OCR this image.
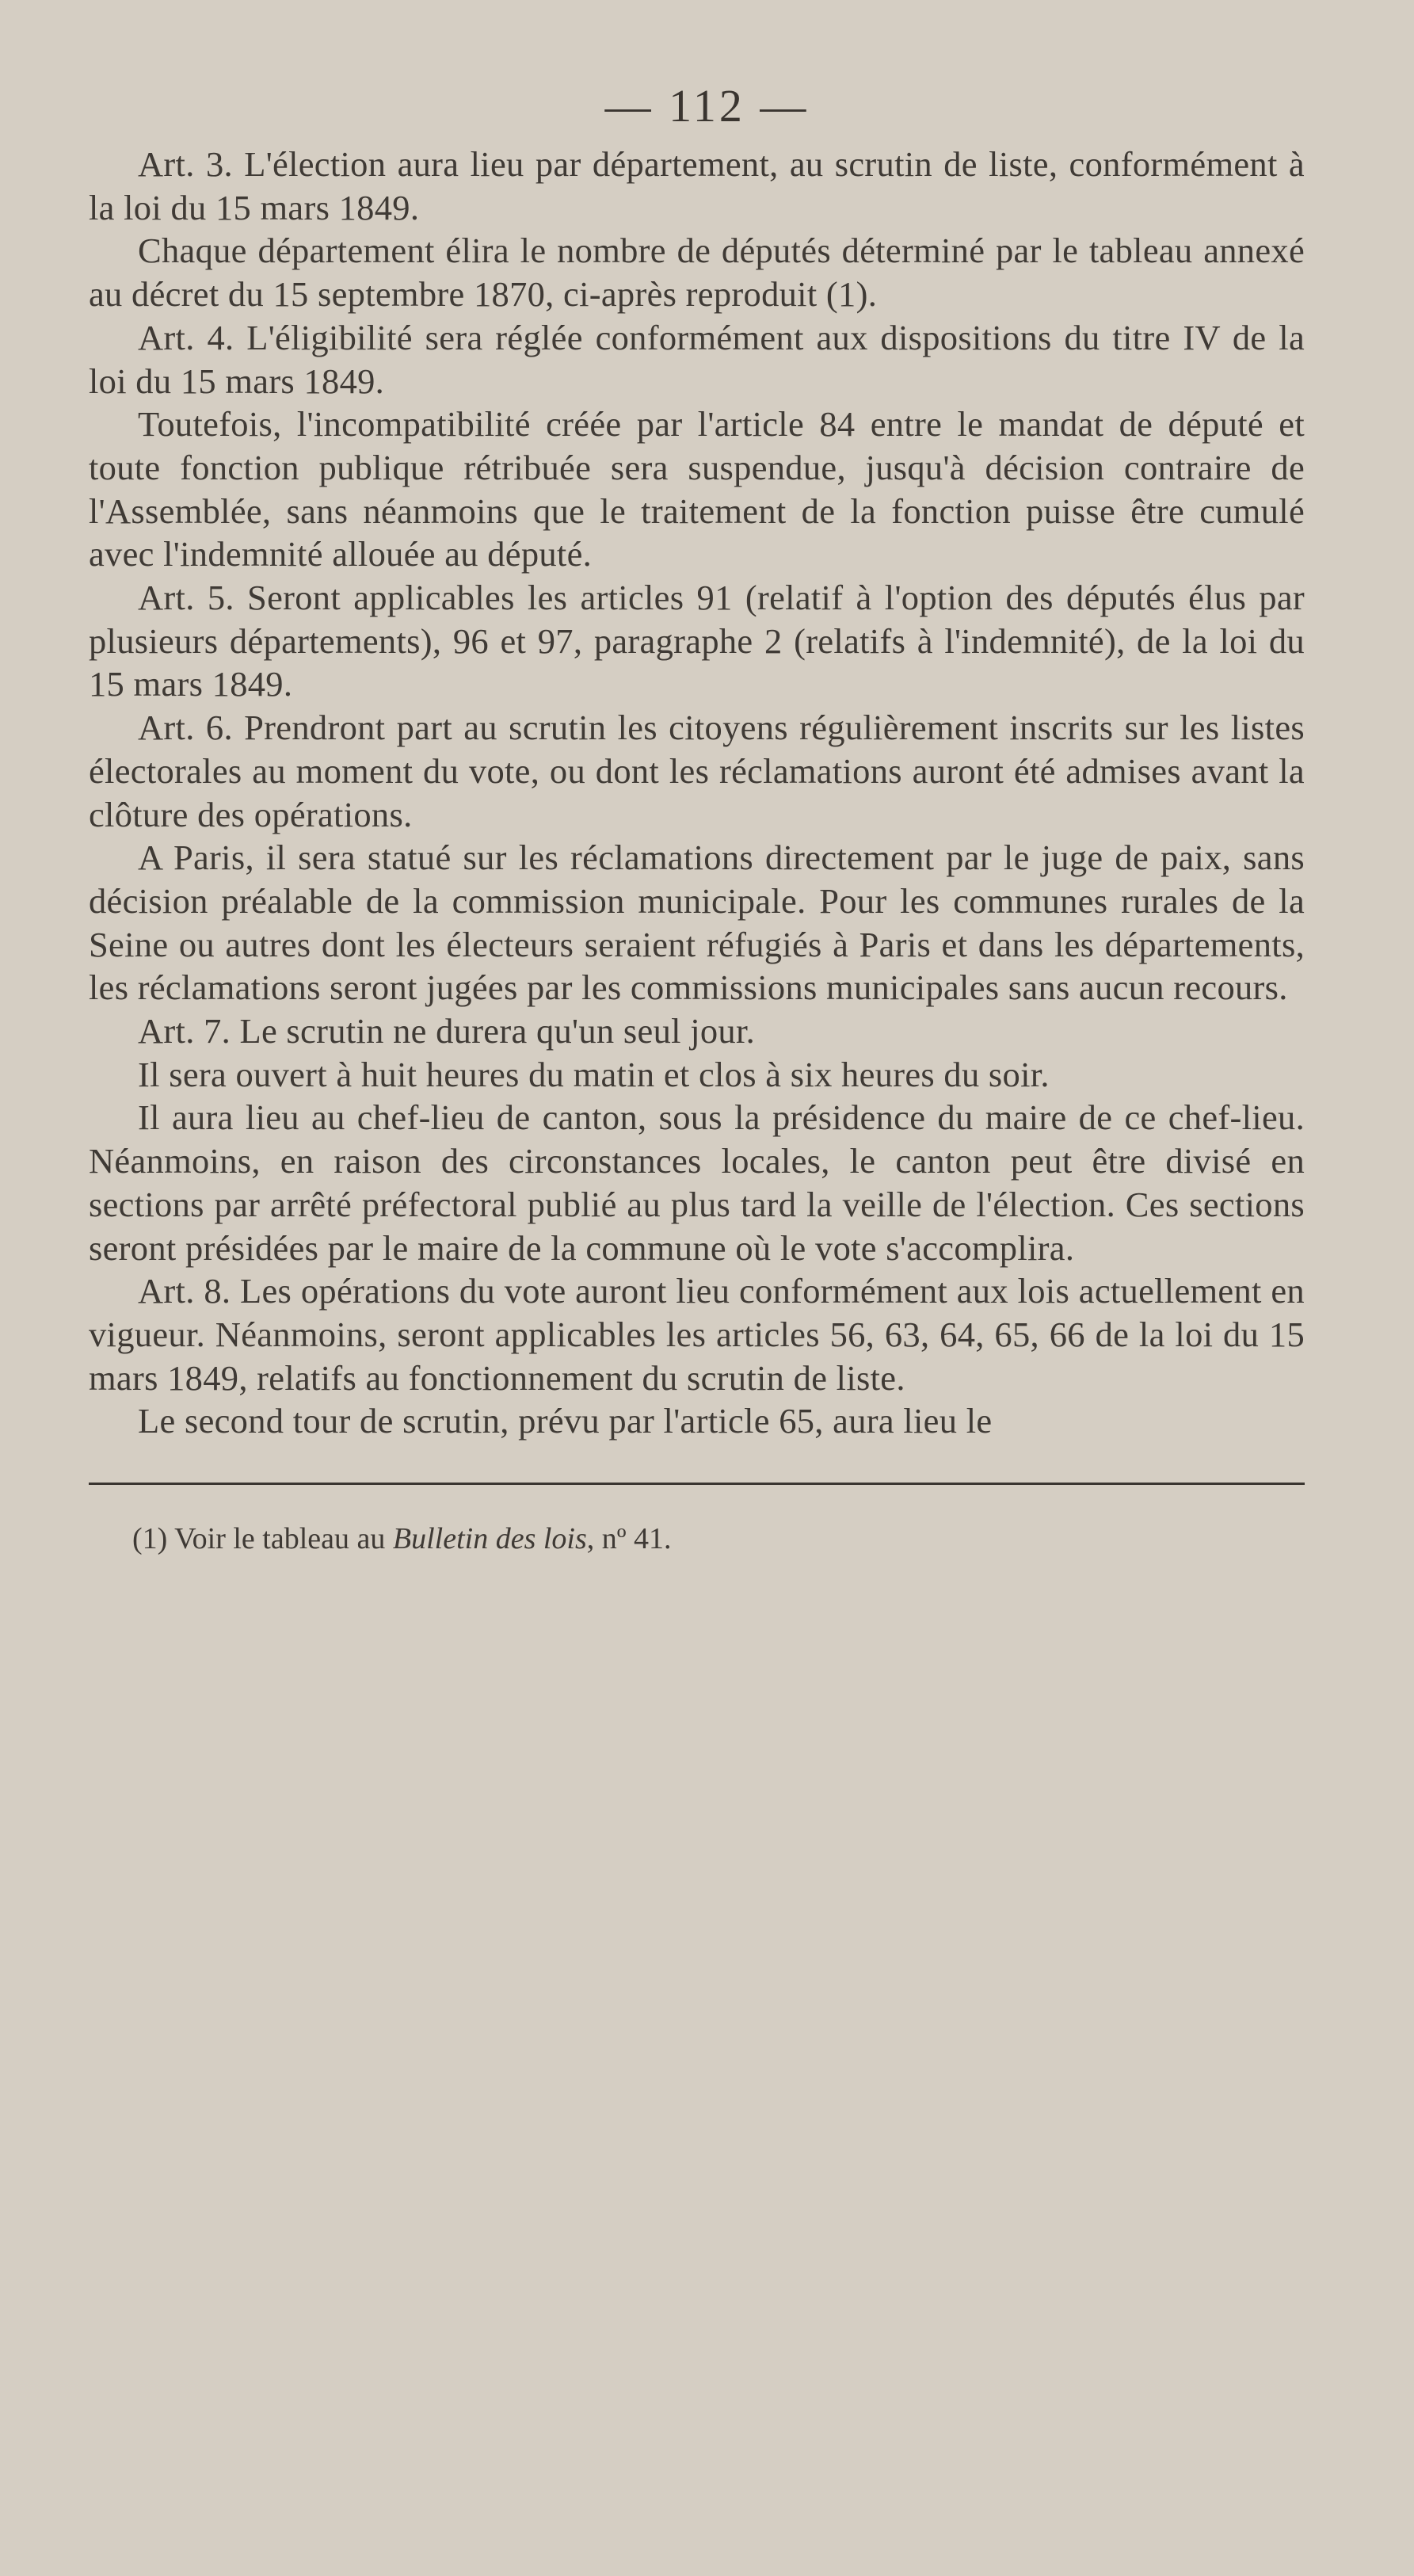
— 112 —

Art. 3. L'élection aura lieu par département, au scrutin de liste, conformément à la loi du 15 mars 1849.

Chaque département élira le nombre de députés déterminé par le tableau annexé au décret du 15 septembre 1870, ci-après reproduit (1).

Art. 4. L'éligibilité sera réglée conformément aux dispositions du titre IV de la loi du 15 mars 1849.

Toutefois, l'incompatibilité créée par l'article 84 entre le mandat de député et toute fonction publique rétribuée sera suspendue, jusqu'à décision contraire de l'Assemblée, sans néanmoins que le traitement de la fonction puisse être cumulé avec l'indemnité allouée au député.

Art. 5. Seront applicables les articles 91 (relatif à l'option des députés élus par plusieurs départements), 96 et 97, paragraphe 2 (relatifs à l'indemnité), de la loi du 15 mars 1849.

Art. 6. Prendront part au scrutin les citoyens régulièrement inscrits sur les listes électorales au moment du vote, ou dont les réclamations auront été admises avant la clôture des opérations.

A Paris, il sera statué sur les réclamations directement par le juge de paix, sans décision préalable de la commission municipale. Pour les communes rurales de la Seine ou autres dont les électeurs seraient réfugiés à Paris et dans les départements, les réclamations seront jugées par les commissions municipales sans aucun recours.

Art. 7. Le scrutin ne durera qu'un seul jour.

Il sera ouvert à huit heures du matin et clos à six heures du soir.

Il aura lieu au chef-lieu de canton, sous la présidence du maire de ce chef-lieu. Néanmoins, en raison des circonstances locales, le canton peut être divisé en sections par arrêté préfectoral publié au plus tard la veille de l'élection. Ces sections seront présidées par le maire de la commune où le vote s'accomplira.

Art. 8. Les opérations du vote auront lieu conformément aux lois actuellement en vigueur. Néanmoins, seront applicables les articles 56, 63, 64, 65, 66 de la loi du 15 mars 1849, relatifs au fonctionnement du scrutin de liste.

Le second tour de scrutin, prévu par l'article 65, aura lieu le

(1) Voir le tableau au Bulletin des lois, nº 41.
